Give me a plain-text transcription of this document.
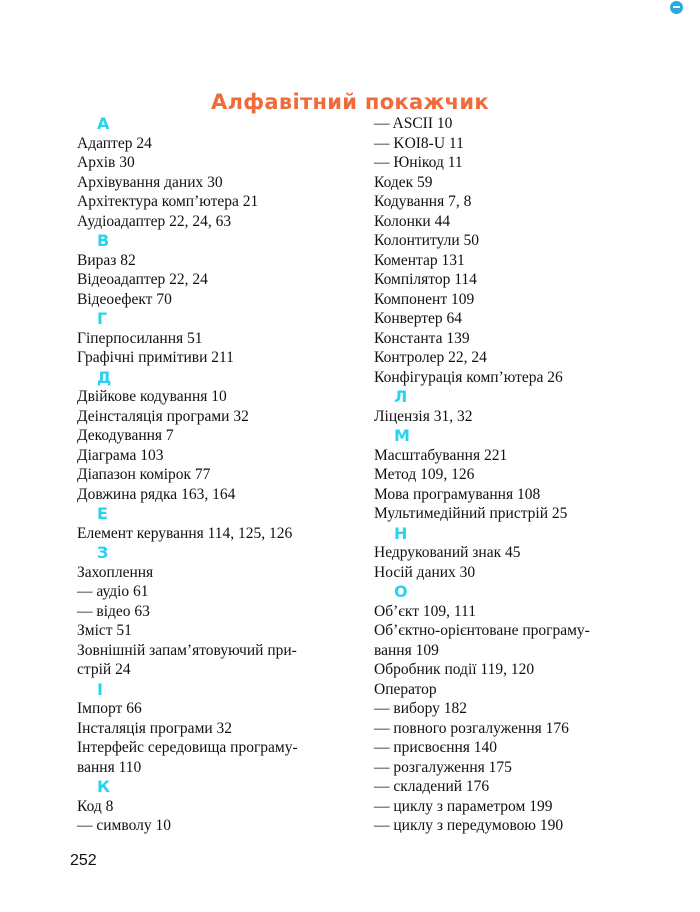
Алфавітний покажчик
А
Адаптер 24
Архів 30
Архівування даних 30
Архітектура комп’ютера 21
Аудіоадаптер 22, 24, 63
В
Вираз 82
Відеоадаптер 22, 24
Відеоефект 70
Г
Гіперпосилання 51
Графічні примітиви 211
Д
Двійкове кодування 10
Деінсталяція програми 32
Декодування 7
Діаграма 103
Діапазон комірок 77
Довжина рядка 163, 164
Е
Елемент керування 114, 125, 126
З
Захоплення
— аудіо 61
— відео 63
Зміст 51
Зовнішній запам’ятовуючий при-
стрій 24
І
Імпорт 66
Інсталяція програми 32
Інтерфейс середовища програму-
вання 110
К
Код 8
— символу 10
— ASCII 10
— KOI8-U 11
— Юнікод 11
Кодек 59
Кодування 7, 8
Колонки 44
Колонтитули 50
Коментар 131
Компілятор 114
Компонент 109
Конвертер 64
Константа 139
Контролер 22, 24
Конфігурація комп’ютера 26
Л
Ліцензія 31, 32
М
Масштабування 221
Метод 109, 126
Мова програмування 108
Мультимедійний пристрій 25
Н
Недрукований знак 45
Носій даних 30
О
Об’єкт 109, 111
Об’єктно-орієнтоване програму-
вання 109
Обробник події 119, 120
Оператор
— вибору 182
— повного розгалуження 176
— присвоєння 140
— розгалуження 175
— складений 176
— циклу з параметром 199
— циклу з передумовою 190
252
